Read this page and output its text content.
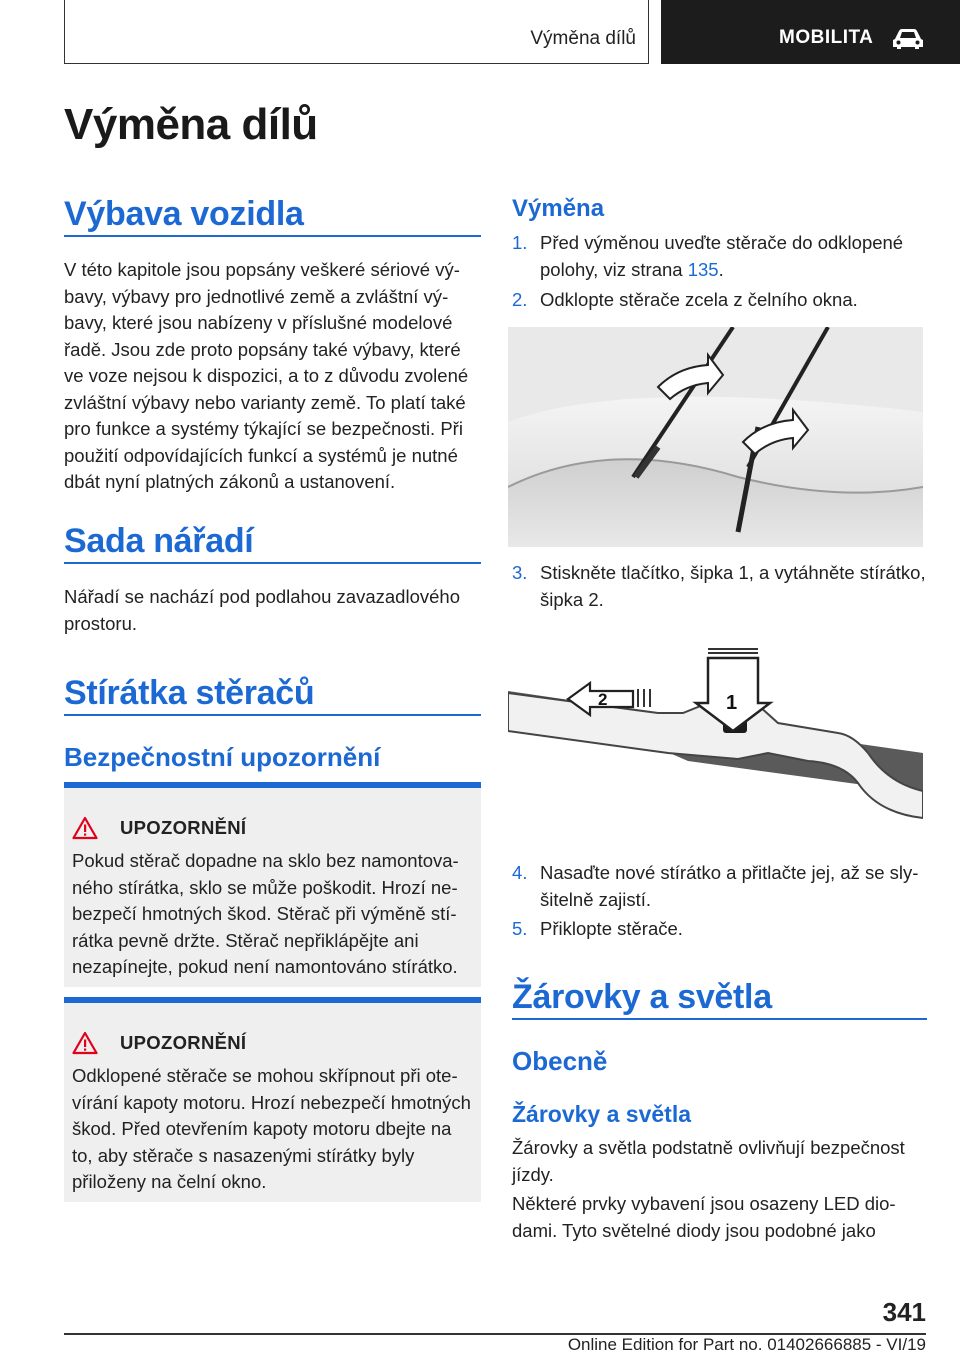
Výměna dílů	MOBILITA
Výměna dílů
Výbava vozidla

V této kapitole jsou popsány veškeré sériové výbavy, výbavy pro jednotlivé země a zvláštní výbavy, které jsou nabízeny v příslušné modelové řadě. Jsou zde proto popsány také výbavy, které ve voze nejsou k dispozici, a to z důvodu zvolené zvláštní výbavy nebo varianty země. To platí také pro funkce a systémy týkající se bezpečnosti. Při použití odpovídajících funkcí a systémů je nutné dbát nyní platných zákonů a ustanovení.

Sada nářadí

Nářadí se nachází pod podlahou zavazadlového prostoru.

Stírátka stěračů
Bezpečnostní upozornění
UPOZORNĚNÍ

Pokud stěrač dopadne na sklo bez namontovaného stírátka, sklo se může poškodit. Hrozí nebezpečí hmotných škod. Stěrač při výměně stírátka pevně držte. Stěrač nepřiklápějte ani nezapínejte, pokud není namontováno stírátko.

UPOZORNĚNÍ

Odklopené stěrače se mohou skřípnout při otevírání kapoty motoru. Hrozí nebezpečí hmotných škod. Před otevřením kapoty motoru dbejte na to, aby stěrače s nasazenými stírátky byly přiloženy na čelní okno.

Výměna
1. Před výměnou uveďte stěrače do odklopené polohy, viz strana 135.
2. Odklopte stěrače zcela z čelního okna.
3. Stiskněte tlačítko, šipka 1, a vytáhněte stírátko, šipka 2.
1
2
4. Nasaďte nové stírátko a přitlačte jej, až se slyšitelně zajistí.
5. Přiklopte stěrače.
Žárovky a světla
Obecně
Žárovky a světla

Žárovky a světla podstatně ovlivňují bezpečnost jízdy.

Některé prvky vybavení jsou osazeny LED diodami. Tyto světelné diody jsou podobné jako

341
Online Edition for Part no. 01402666885 - VI/19
